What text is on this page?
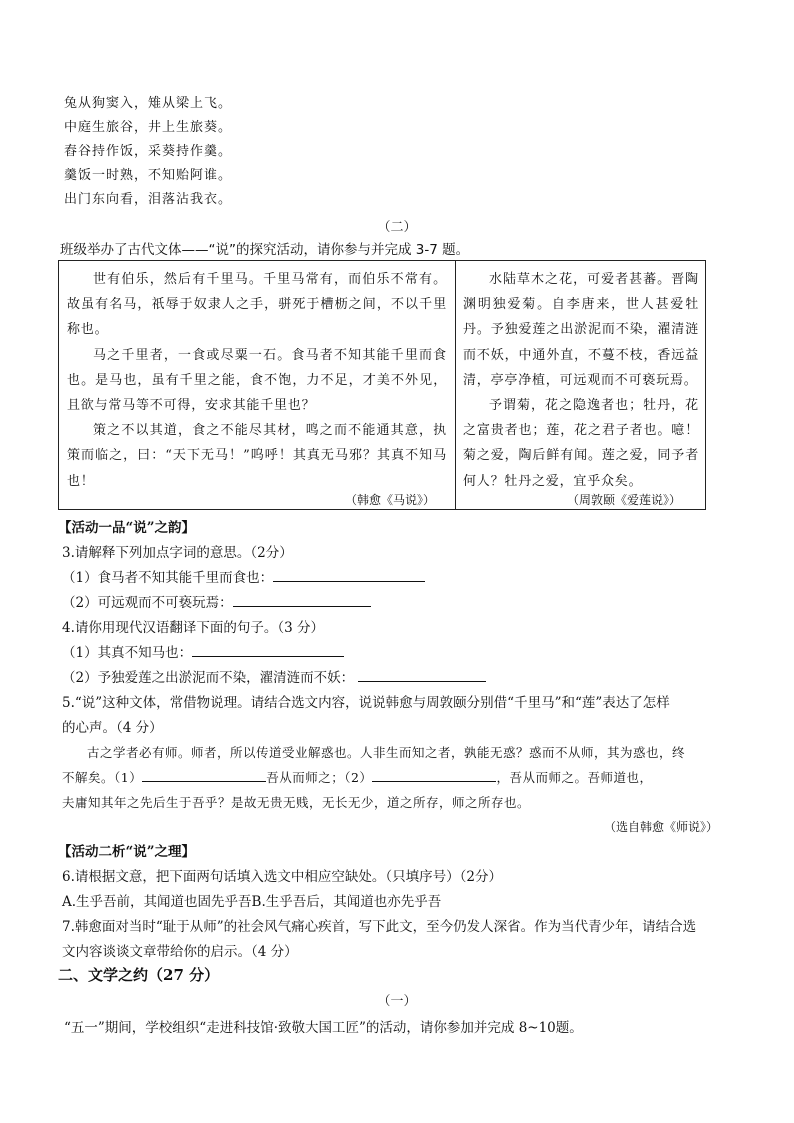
兔从狗窦入，雉从梁上飞。
中庭生旅谷，井上生旅葵。
舂谷持作饭，采葵持作羹。
羹饭一时熟，不知贻阿谁。
出门东向看，泪落沾我衣。
（二）
班级举办了古代文体——“说”的探究活动，请你参与并完成 3-7 题。

世有伯乐，然后有千里马。千里马常有，而伯乐不常有。故虽有名马，祇辱于奴隶人之手，骈死于槽枥之间，不以千里称也。

马之千里者，一食或尽粟一石。食马者不知其能千里而食也。是马也，虽有千里之能，食不饱，力不足，才美不外见，且欲与常马等不可得，安求其能千里也？

策之不以其道，食之不能尽其材，鸣之而不能通其意，执策而临之，曰：“天下无马！”呜呼！其真无马邪？其真不知马也！

（韩愈《马说》）

水陆草木之花，可爱者甚蕃。晋陶渊明独爱菊。自李唐来，世人甚爱牡丹。予独爱莲之出淤泥而不染，濯清涟而不妖，中通外直，不蔓不枝，香远益清，亭亭净植，可远观而不可亵玩焉。

予谓菊，花之隐逸者也；牡丹，花之富贵者也；莲，花之君子者也。噫！菊之爱，陶后鲜有闻。莲之爱，同予者何人？牡丹之爱，宜乎众矣。

（周敦颐《爱莲说》）
【活动一品“说”之韵】
3.请解释下列加点字词的意思。（2分）
（1）食马者不知其能千里而食也：
（2）可远观而不可亵玩焉：
4.请你用现代汉语翻译下面的句子。（3 分）
（1）其真不知马也：
（2）予独爱莲之出淤泥而不染，濯清涟而不妖：
5.“说”这种文体，常借物说理。请结合选文内容，说说韩愈与周敦颐分别借“千里马”和“莲”表达了怎样
的心声。（4 分）

古之学者必有师。师者，所以传道受业解惑也。人非生而知之者，孰能无惑？惑而不从师，其为惑也，终

不解矣。（1）	吾从而师之；（2）	，吾从而师之。吾师道也，
夫庸知其年之先后生于吾乎？是故无贵无贱，无长无少，道之所存，师之所存也。
（选自韩愈《师说》）
【活动二析“说”之理】
6.请根据文意，把下面两句话填入选文中相应空缺处。（只填序号）（2分）
A.生乎吾前，其闻道也固先乎吾B.生乎吾后，其闻道也亦先乎吾
7.韩愈面对当时“耻于从师”的社会风气痛心疾首，写下此文，至今仍发人深省。作为当代青少年，请结合选
文内容谈谈文章带给你的启示。（4 分）
二、文学之约（27 分）
（一）
“五一”期间，学校组织“走进科技馆·致敬大国工匠”的活动，请你参加并完成 8~10题。
